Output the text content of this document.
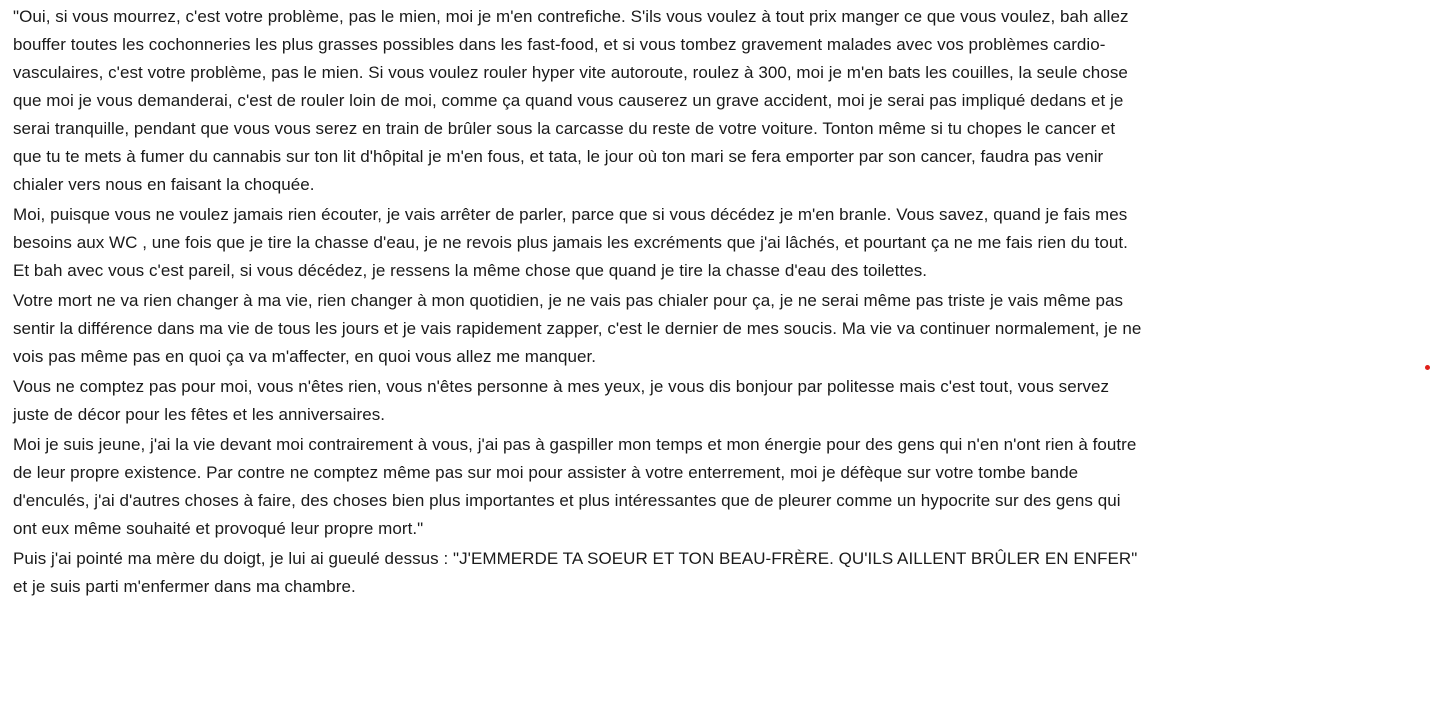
"Oui, si vous mourrez, c'est votre problème, pas le mien, moi je m'en contrefiche. S'ils vous voulez à tout prix manger ce que vous voulez, bah allez bouffer toutes les cochonneries les plus grasses possibles dans les fast-food, et si vous tombez gravement malades avec vos problèmes cardio-vasculaires, c'est votre problème, pas le mien. Si vous voulez rouler hyper vite autoroute, roulez à 300, moi je m'en bats les couilles, la seule chose que moi je vous demanderai, c'est de rouler loin de moi, comme ça quand vous causerez un grave accident, moi je serai pas impliqué dedans et je serai tranquille, pendant que vous vous serez en train de brûler sous la carcasse du reste de votre voiture. Tonton même si tu chopes le cancer et que tu te mets à fumer du cannabis sur ton lit d'hôpital je m'en fous, et tata, le jour où ton mari se fera emporter par son cancer, faudra pas venir chialer vers nous en faisant la choquée.

Moi, puisque vous ne voulez jamais rien écouter, je vais arrêter de parler, parce que si vous décédez je m'en branle. Vous savez, quand je fais mes besoins aux WC , une fois que je tire la chasse d'eau, je ne revois plus jamais les excréments que j'ai lâchés, et pourtant ça ne me fais rien du tout. Et bah avec vous c'est pareil, si vous décédez, je ressens la même chose que quand je tire la chasse d'eau des toilettes.

Votre mort ne va rien changer à ma vie, rien changer à mon quotidien, je ne vais pas chialer pour ça, je ne serai même pas triste je vais même pas sentir la différence dans ma vie de tous les jours et je vais rapidement zapper, c'est le dernier de mes soucis. Ma vie va continuer normalement, je ne vois pas même pas en quoi ça va m'affecter, en quoi vous allez me manquer.

Vous ne comptez pas pour moi, vous n'êtes rien, vous n'êtes personne à mes yeux, je vous dis bonjour par politesse mais c'est tout, vous servez juste de décor pour les fêtes et les anniversaires.

Moi je suis jeune, j'ai la vie devant moi contrairement à vous, j'ai pas à gaspiller mon temps et mon énergie pour des gens qui n'en n'ont rien à foutre de leur propre existence. Par contre ne comptez même pas sur moi pour assister à votre enterrement, moi je défèque sur votre tombe bande d'enculés, j'ai d'autres choses à faire, des choses bien plus importantes et plus intéressantes que de pleurer comme un hypocrite sur des gens qui ont eux même souhaité et provoqué leur propre mort."

Puis j'ai pointé ma mère du doigt, je lui ai gueulé dessus : "J'EMMERDE TA SOEUR ET TON BEAU-FRÈRE. QU'ILS AILLENT BRÛLER EN ENFER" et je suis parti m'enfermer dans ma chambre.
